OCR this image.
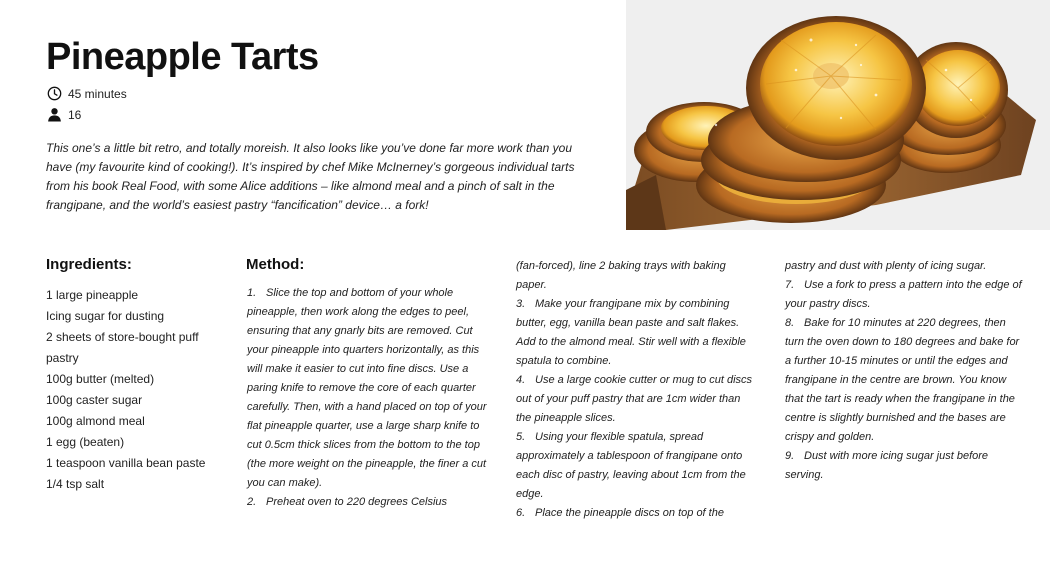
Pineapple Tarts
45 minutes
16

This one’s a little bit retro, and totally moreish. It also looks like you’ve done far more work than you have (my favourite kind of cooking!). It’s inspired by chef Mike McInerney’s gorgeous individual tarts from his book Real Food, with some Alice additions – like almond meal and a pinch of salt in the frangipane, and the world’s easiest pastry “fancification” device… a fork!

Ingredients:
1 large pineapple
Icing sugar for dusting
2 sheets of store-bought puff pastry
100g butter (melted)
100g caster sugar
100g almond meal
1 egg (beaten)
1 teaspoon vanilla bean paste
1/4 tsp salt
Method:

1. Slice the top and bottom of your whole pineapple, then work along the edges to peel, ensuring that any gnarly bits are removed. Cut your pineapple into quarters horizontally, as this will make it easier to cut into fine discs. Use a paring knife to remove the core of each quarter carefully. Then, with a hand placed on top of your flat pineapple quarter, use a large sharp knife to cut 0.5cm thick slices from the bottom to the top (the more weight on the pineapple, the finer a cut you can make).

2. Preheat oven to 220 degrees Celsius

(fan-forced), line 2 baking trays with baking paper.

3. Make your frangipane mix by combining butter, egg, vanilla bean paste and salt flakes. Add to the almond meal. Stir well with a flexible spatula to combine.

4. Use a large cookie cutter or mug to cut discs out of your puff pastry that are 1cm wider than the pineapple slices.

5. Using your flexible spatula, spread approximately a tablespoon of frangipane onto each disc of pastry, leaving about 1cm from the edge.

6. Place the pineapple discs on top of the

pastry and dust with plenty of icing sugar.

7. Use a fork to press a pattern into the edge of your pastry discs.

8. Bake for 10 minutes at 220 degrees, then turn the oven down to 180 degrees and bake for a further 10-15 minutes or until the edges and frangipane in the centre are brown. You know that the tart is ready when the frangipane in the centre is slightly burnished and the bases are crispy and golden.

9. Dust with more icing sugar just before serving.
